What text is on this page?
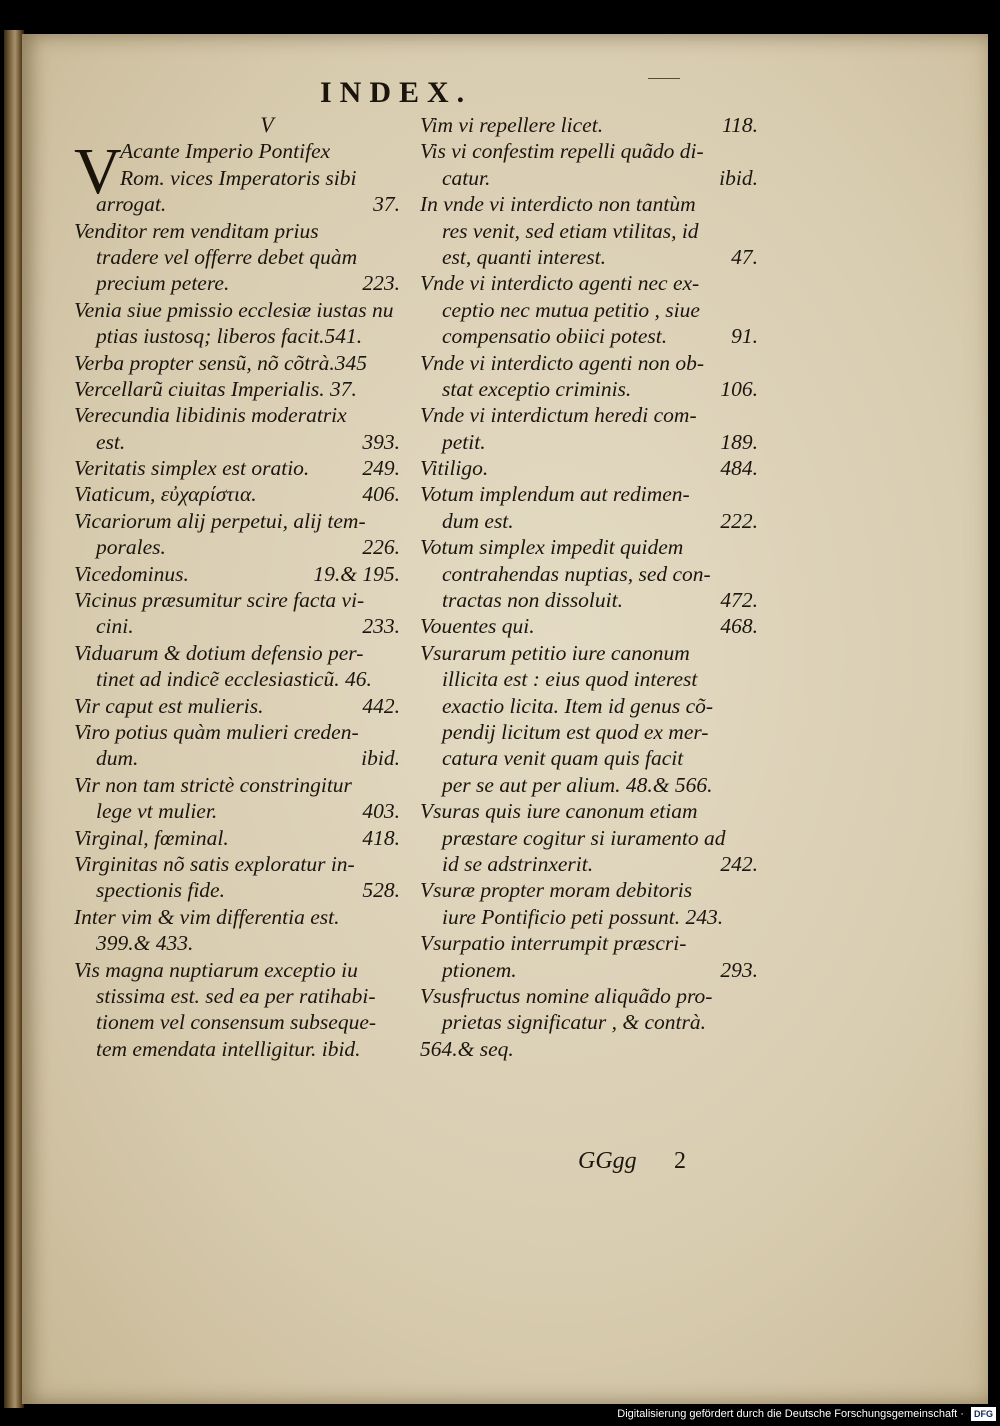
INDEX.
V
V
Acante Imperio Pontifex
Rom. vices Imperatoris sibi
arrogat.	37.
Venditor rem venditam prius
tradere vel offerre debet quàm
precium petere.	223.
Venia siue pmissio ecclesiæ iustas nu
ptias iustosq; liberos facit.541.
Verba propter sensũ, nõ cõtrà.345
Vercellarũ ciuitas Imperialis. 37.
Verecundia libidinis moderatrix
est.	393.
Veritatis simplex est oratio. 249.
Viaticum, εὐχαρίστια.	406.
Vicariorum alij perpetui, alij tem-
porales.	226.
Vicedominus.	19.& 195.
Vicinus præsumitur scire facta vi-
cini.	233.
Viduarum & dotium defensio per-
tinet ad indicẽ ecclesiasticũ. 46.
Vir caput est mulieris.	442.
Viro potius quàm mulieri creden-
dum.	ibid.
Vir non tam strictè constringitur
lege vt mulier.	403.
Virginal, fœminal.	418.
Virginitas nõ satis exploratur in-
spectionis fide.	528.
Inter vim & vim differentia est.
399.& 433.
Vis magna nuptiarum exceptio iu
stissima est. sed ea per ratihabi-
tionem vel consensum subseque-
tem emendata intelligitur. ibid.
Vim vi repellere licet.	118.
Vis vi confestim repelli quãdo di-
catur.	ibid.
In vnde vi interdicto non tantùm
res venit, sed etiam vtilitas, id
est, quanti interest.	47.
Vnde vi interdicto agenti nec ex-
ceptio nec mutua petitio , siue
compensatio obiici potest.	91.
Vnde vi interdicto agenti non ob-
stat exceptio criminis.	106.
Vnde vi interdictum heredi com-
petit.	189.
Vitiligo.	484.
Votum implendum aut redimen-
dum est.	222.
Votum simplex impedit quidem
contrahendas nuptias, sed con-
tractas non dissoluit.	472.
Vouentes qui.	468.
Vsurarum petitio iure canonum
illicita est : eius quod interest
exactio licita. Item id genus cõ-
pendij licitum est quod ex mer-
catura venit quam quis facit
per se aut per alium. 48.& 566.
Vsuras quis iure canonum etiam
præstare cogitur si iuramento ad
id se adstrinxerit.	242.
Vsuræ propter moram debitoris
iure Pontificio peti possunt. 243.
Vsurpatio interrumpit præscri-
ptionem.	293.
Vsusfructus nomine aliquãdo pro-
prietas significatur , & contrà.
564.& seq.
GGgg 2
Digitalisierung gefördert durch die Deutsche Forschungsgemeinschaft · DFG
